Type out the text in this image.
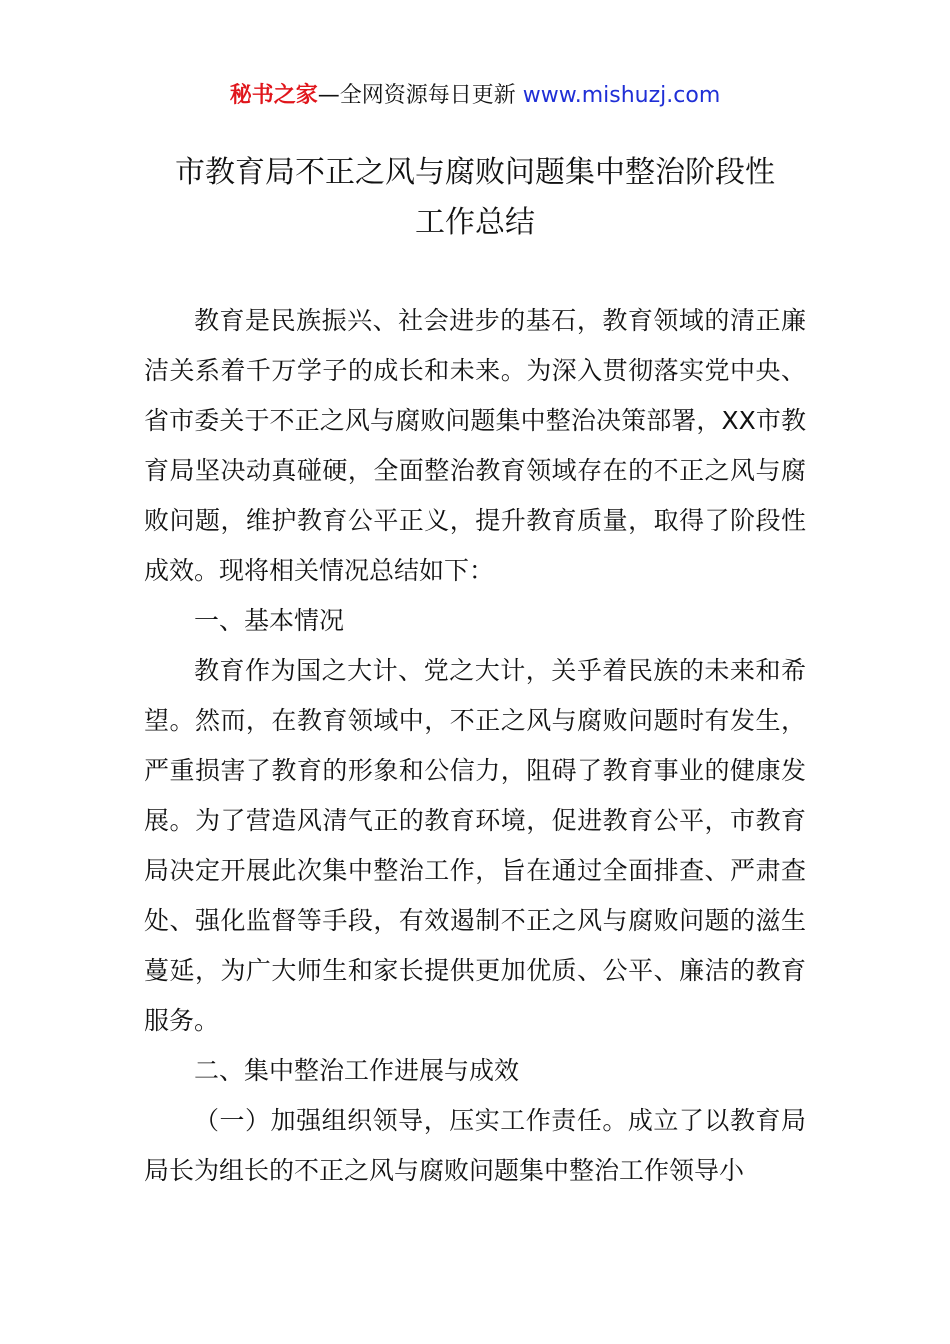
秘书之家—全网资源每日更新 www.mishuzj.com
市教育局不正之风与腐败问题集中整治阶段性
工作总结

教育是民族振兴、社会进步的基石，教育领域的清正廉洁关系着千万学子的成长和未来。为深入贯彻落实党中央、省市委关于不正之风与腐败问题集中整治决策部署，XX市教育局坚决动真碰硬，全面整治教育领域存在的不正之风与腐败问题，维护教育公平正义，提升教育质量，取得了阶段性成效。现将相关情况总结如下：

一、基本情况

教育作为国之大计、党之大计，关乎着民族的未来和希望。然而，在教育领域中，不正之风与腐败问题时有发生，严重损害了教育的形象和公信力，阻碍了教育事业的健康发展。为了营造风清气正的教育环境，促进教育公平，市教育局决定开展此次集中整治工作，旨在通过全面排查、严肃查处、强化监督等手段，有效遏制不正之风与腐败问题的滋生蔓延，为广大师生和家长提供更加优质、公平、廉洁的教育服务。

二、集中整治工作进展与成效

（一）加强组织领导，压实工作责任。成立了以教育局局长为组长的不正之风与腐败问题集中整治工作领导小
